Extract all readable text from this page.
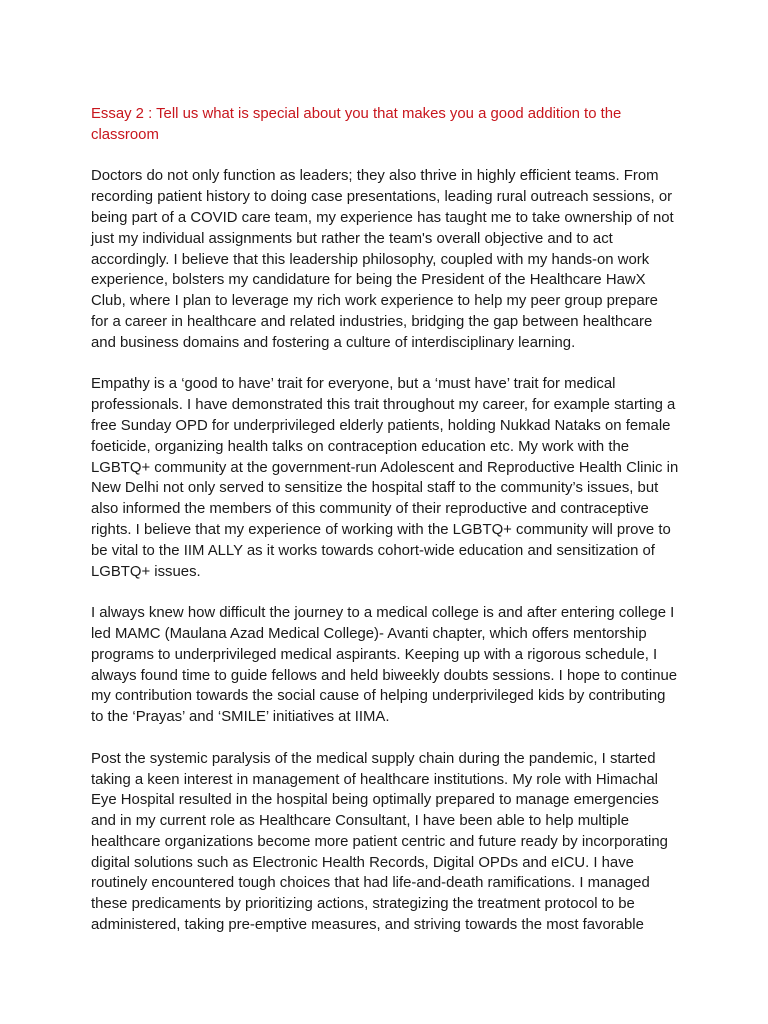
Essay 2 : Tell us what is special about you that makes you a good addition to the classroom

Doctors do not only function as leaders; they also thrive in highly efficient teams. From recording patient history to doing case presentations, leading rural outreach sessions, or being part of a COVID care team, my experience has taught me to take ownership of not just my individual assignments but rather the team's overall objective and to act accordingly. I believe that this leadership philosophy, coupled with my hands-on work experience, bolsters my candidature for being the President of the Healthcare HawX Club, where I plan to leverage my rich work experience to help my peer group prepare for a career in healthcare and related industries, bridging the gap between healthcare and business domains and fostering a culture of interdisciplinary learning.

Empathy is a ‘good to have’ trait for everyone, but a ‘must have’ trait for medical professionals. I have demonstrated this trait throughout my career, for example starting a free Sunday OPD for underprivileged elderly patients, holding Nukkad Nataks on female foeticide, organizing health talks on contraception education etc. My work with the LGBTQ+ community at the government-run Adolescent and Reproductive Health Clinic in New Delhi not only served to sensitize the hospital staff to the community’s issues, but also informed the members of this community of their reproductive and contraceptive rights. I believe that my experience of working with the LGBTQ+ community will prove to be vital to the IIM ALLY as it works towards cohort-wide education and sensitization of LGBTQ+ issues.

I always knew how difficult the journey to a medical college is and after entering college I led MAMC (Maulana Azad Medical College)- Avanti chapter, which offers mentorship programs to underprivileged medical aspirants. Keeping up with a rigorous schedule, I always found time to guide fellows and held biweekly doubts sessions. I hope to continue my contribution towards the social cause of helping underprivileged kids by contributing to the ‘Prayas’ and ‘SMILE’ initiatives at IIMA.

Post the systemic paralysis of the medical supply chain during the pandemic, I started taking a keen interest in management of healthcare institutions. My role with Himachal Eye Hospital resulted in the hospital being optimally prepared to manage emergencies and in my current role as Healthcare Consultant, I have been able to help multiple healthcare organizations become more patient centric and future ready by incorporating digital solutions such as Electronic Health Records, Digital OPDs and eICU. I have routinely encountered tough choices that had life-and-death ramifications. I managed these predicaments by prioritizing actions, strategizing the treatment protocol to be administered, taking pre-emptive measures, and striving towards the most favorable
